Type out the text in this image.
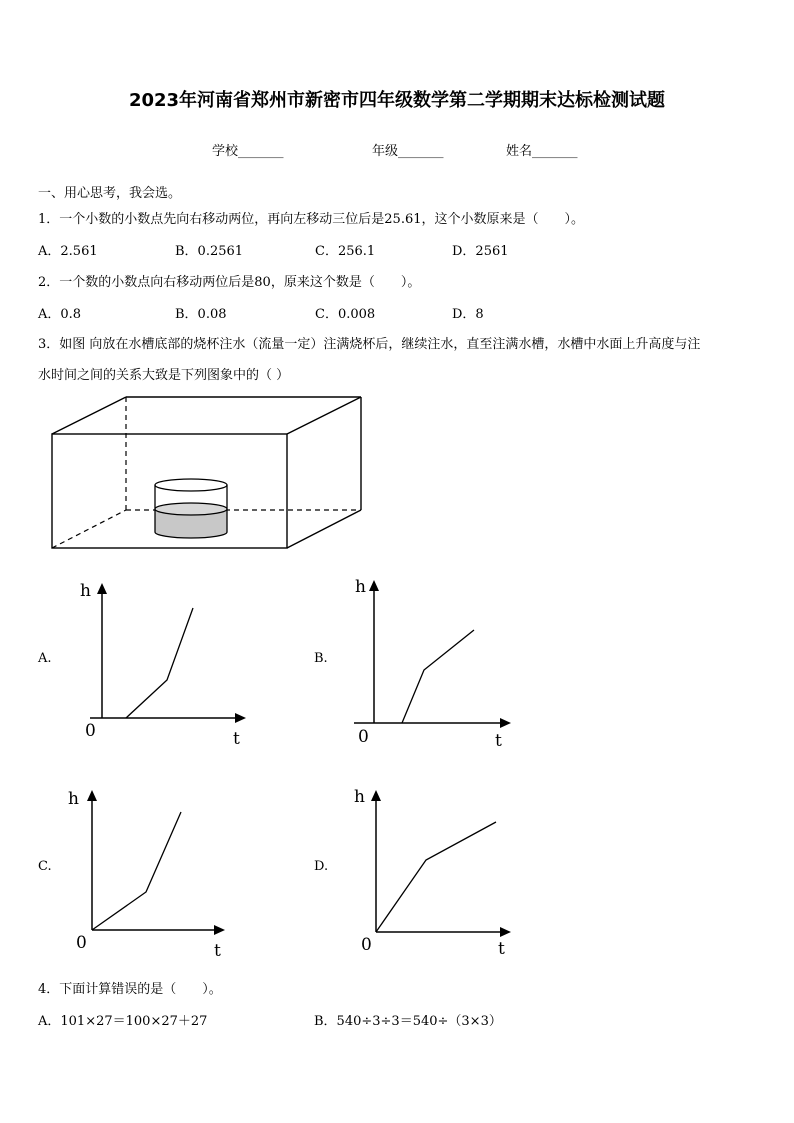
2023年河南省郑州市新密市四年级数学第二学期期末达标检测试题
学校_______	年级_______	姓名_______
一、用心思考，我会选。
1．一个小数的小数点先向右移动两位，再向左移动三位后是25.61，这个小数原来是（　　）。
A．2.561	B．0.2561	C．256.1	D．2561
2．一个数的小数点向右移动两位后是80，原来这个数是（　　）。
A．0.8	B．0.08	C．0.008	D．8
3．如图 向放在水槽底部的烧杯注水（流量一定）注满烧杯后，继续注水，直至注满水槽，水槽中水面上升高度与注
水时间之间的关系大致是下列图象中的（ ）
A.
h
0	t
B.
h
0	t
C.
h
0	t
D.
h
0	t
4．下面计算错误的是（　　）。
A．101×27＝100×27＋27	B．540÷3÷3＝540÷（3×3）
